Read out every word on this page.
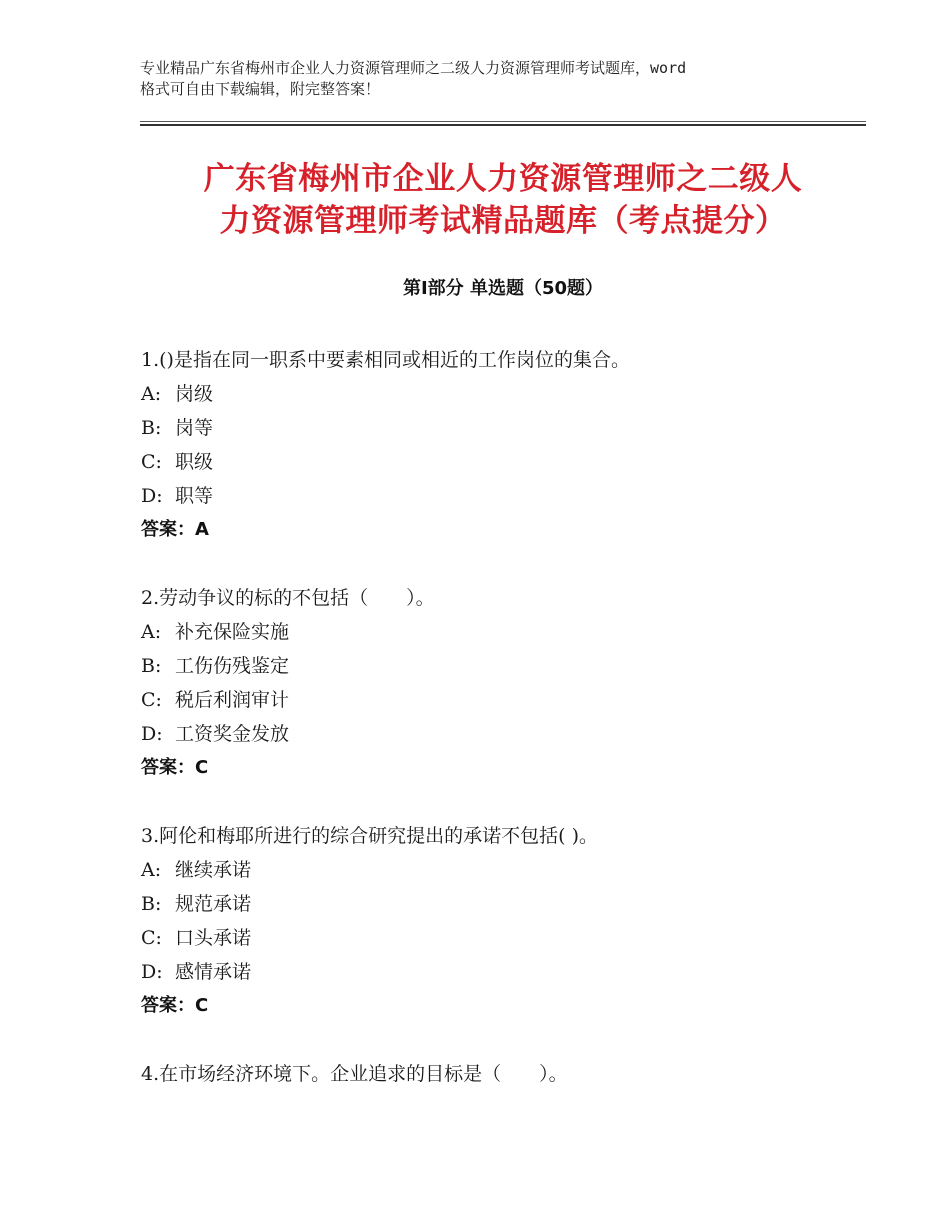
专业精品广东省梅州市企业人力资源管理师之二级人力资源管理师考试题库，word
格式可自由下载编辑，附完整答案！
广东省梅州市企业人力资源管理师之二级人
力资源管理师考试精品题库（考点提分）
第Ⅰ部分 单选题（50题）
1.()是指在同一职系中要素相同或相近的工作岗位的集合。
A: 岗级
B: 岗等
C: 职级
D: 职等
答案：A
2.劳动争议的标的不包括（　　）。
A: 补充保险实施
B: 工伤伤残鉴定
C: 税后利润审计
D: 工资奖金发放
答案：C
3.阿伦和梅耶所进行的综合研究提出的承诺不包括( )。
A: 继续承诺
B: 规范承诺
C: 口头承诺
D: 感情承诺
答案：C
4.在市场经济环境下。企业追求的目标是（　　）。
